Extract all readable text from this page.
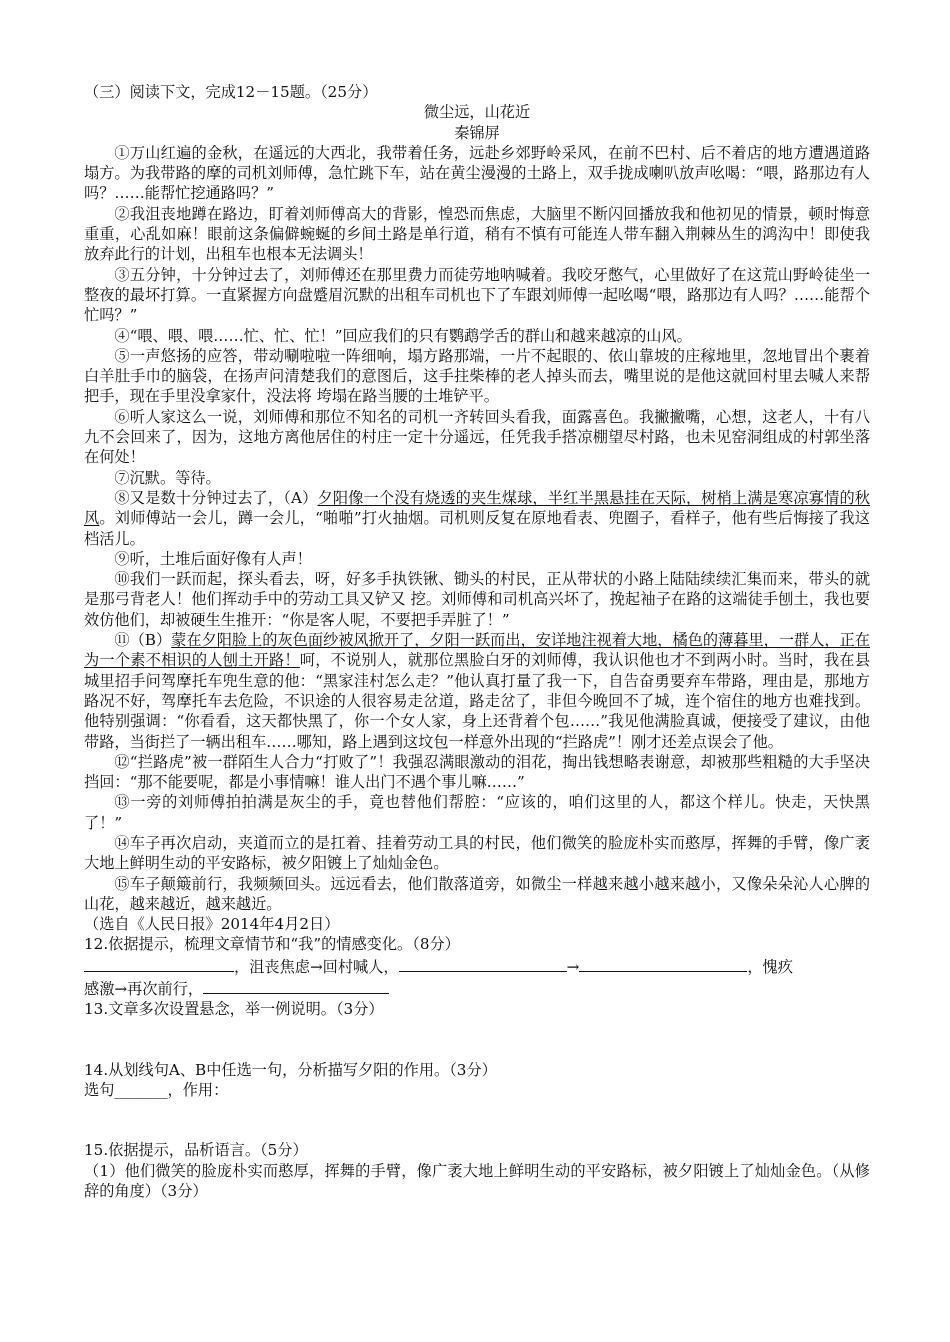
（三）阅读下文，完成12－15题。（25分）

微尘远，山花近

秦锦屏

①万山红遍的金秋，在遥远的大西北，我带着任务，远赴乡郊野岭采风，在前不巴村、后不着店的地方遭遇道路塌方。为我带路的摩的司机刘师傅，急忙跳下车，站在黄尘漫漫的土路上，双手拢成喇叭放声吆喝：“喂，路那边有人吗？……能帮忙挖通路吗？”

②我沮丧地蹲在路边，盯着刘师傅高大的背影，惶恐而焦虑，大脑里不断闪回播放我和他初见的情景，顿时悔意重重，心乱如麻！眼前这条偏僻蜿蜒的乡间土路是单行道，稍有不慎有可能连人带车翻入荆棘丛生的鸿沟中！即使我放弃此行的计划，出租车也根本无法调头！

③五分钟，十分钟过去了，刘师傅还在那里费力而徒劳地呐喊着。我咬牙憋气，心里做好了在这荒山野岭徒坐一整夜的最坏打算。一直紧握方向盘蹙眉沉默的出租车司机也下了车跟刘师傅一起吆喝“喂，路那边有人吗？……能帮个忙吗？”

④“喂、喂、喂……忙、忙、忙！”回应我们的只有鹦鹉学舌的群山和越来越凉的山风。

⑤一声悠扬的应答，带动唰啦啦一阵细响，塌方路那端，一片不起眼的、依山靠坡的庄稼地里，忽地冒出个裹着白羊肚手巾的脑袋，在扬声问清楚我们的意图后，这手拄柴棒的老人掉头而去，嘴里说的是他这就回村里去喊人来帮把手，现在手里没拿家什，没法将 垮塌在路当腰的土堆铲平。

⑥听人家这么一说，刘师傅和那位不知名的司机一齐转回头看我，面露喜色。我撇撇嘴，心想，这老人，十有八九不会回来了，因为，这地方离他居住的村庄一定十分遥远，任凭我手搭凉棚望尽村路，也未见窑洞组成的村郭坐落在何处！

⑦沉默。等待。

⑧又是数十分钟过去了，（A）夕阳像一个没有烧透的夹生煤球，半红半黑悬挂在天际，树梢上满是寒凉寡情的秋风。刘师傅站一会儿，蹲一会儿，“啪啪”打火抽烟。司机则反复在原地看表、兜圈子，看样子，他有些后悔接了我这档活儿。

⑨听，土堆后面好像有人声！

⑩我们一跃而起，探头看去，呀，好多手执铁锹、锄头的村民，正从带状的小路上陆陆续续汇集而来，带头的就是那弓背老人！他们挥动手中的劳动工具又铲又 挖。刘师傅和司机高兴坏了，挽起袖子在路的这端徒手刨土，我也要效仿他们，却被硬生生推开：“你是客人呢，不要把手弄脏了！”

⑪（B）蒙在夕阳脸上的灰色面纱被风掀开了，夕阳一跃而出，安详地注视着大地，橘色的薄暮里，一群人，正在为一个素不相识的人刨土开路！呵，不说别人，就那位黑脸白牙的刘师傅，我认识他也才不到两小时。当时，我在县城里招手问驾摩托车兜生意的他：“黑家洼村怎么走？”他认真打量了我一下，自告奋勇要弃车带路，理由是，那地方路况不好，驾摩托车去危险，不识途的人很容易走岔道，路走岔了，非但今晚回不了城，连个宿住的地方也难找到。他特别强调：“你看看，这天都快黑了，你一个女人家，身上还背着个包……”我见他满脸真诚，便接受了建议，由他带路，当街拦了一辆出租车……哪知，路上遇到这坟包一样意外出现的“拦路虎”！刚才还差点误会了他。

⑫“拦路虎”被一群陌生人合力“打败了”！我强忍满眼激动的泪花，掏出钱想略表谢意，却被那些粗糙的大手坚决挡回：“那不能要呢，都是小事情嘛！谁人出门不遇个事儿嘛……”

⑬一旁的刘师傅拍拍满是灰尘的手，竟也替他们帮腔：“应该的，咱们这里的人，都这个样儿。快走，天快黑了！”

⑭车子再次启动，夹道而立的是扛着、挂着劳动工具的村民，他们微笑的脸庞朴实而憨厚，挥舞的手臂，像广袤大地上鲜明生动的平安路标，被夕阳镀上了灿灿金色。

⑮车子颠簸前行，我频频回头。远远看去，他们散落道旁，如微尘一样越来越小越来越小，又像朵朵沁人心脾的山花，越来越近，越来越近。

（选自《人民日报》2014年4月2日）

12.依据提示，梳理文章情节和“我”的情感变化。（8分）

，沮丧焦虑→回村喊人，	→	，愧疚

感激→再次前行，

13.文章多次设置悬念，举一例说明。（3分）

14.从划线句A、B中任选一句，分析描写夕阳的作用。（3分）

选句_______，作用：

15.依据提示，品析语言。（5分）

（1）他们微笑的脸庞朴实而憨厚，挥舞的手臂，像广袤大地上鲜明生动的平安路标，被夕阳镀上了灿灿金色。（从修辞的角度）（3分）
